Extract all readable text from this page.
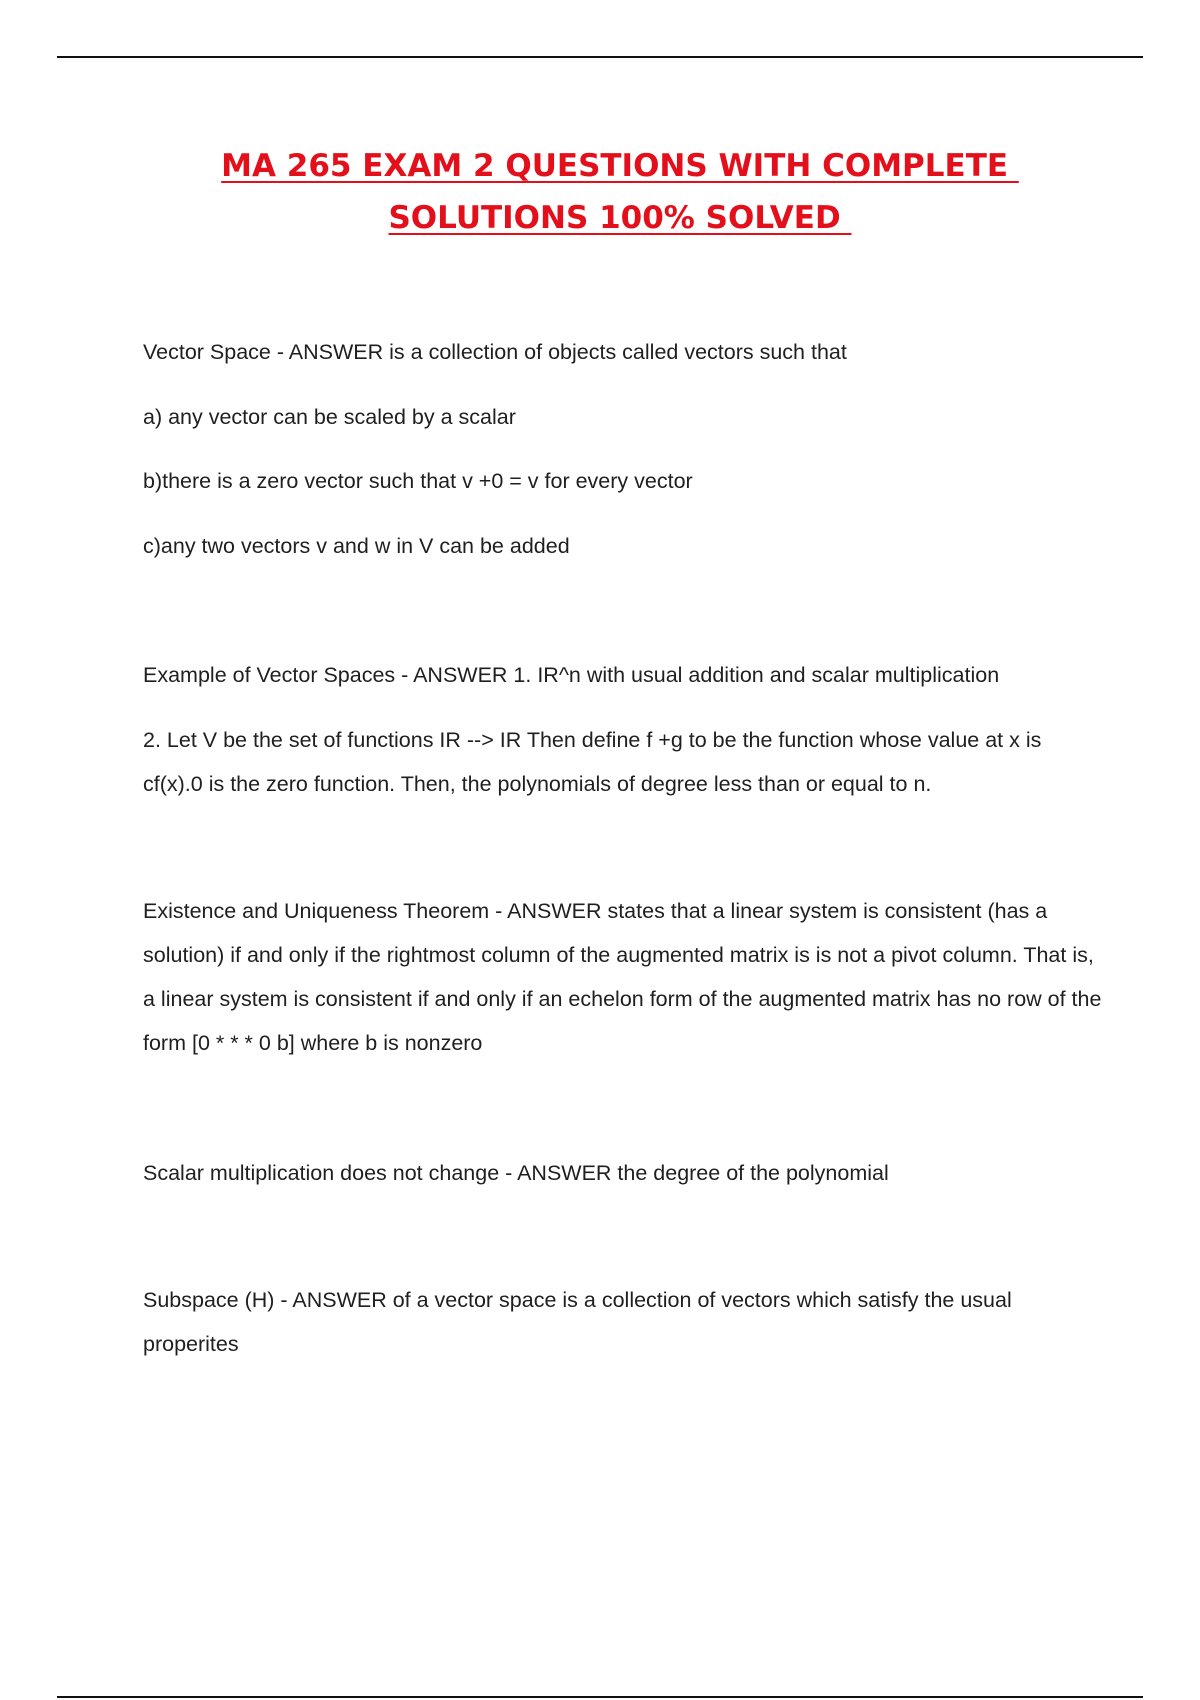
MA 265 EXAM 2 QUESTIONS WITH COMPLETE
SOLUTIONS 100% SOLVED

Vector Space - ANSWER is a collection of objects called vectors such that

a) any vector can be scaled by a scalar

b)there is a zero vector such that v +0 = v for every vector

c)any two vectors v and w in V can be added

Example of Vector Spaces - ANSWER 1. IR^n with usual addition and scalar multiplication

2. Let V be the set of functions IR --> IR Then define f +g to be the function whose value at x is cf(x).0 is the zero function. Then, the polynomials of degree less than or equal to n.

Existence and Uniqueness Theorem - ANSWER states that a linear system is consistent (has a solution) if and only if the rightmost column of the augmented matrix is is not a pivot column. That is, a linear system is consistent if and only if an echelon form of the augmented matrix has no row of the form [0 * * * 0 b] where b is nonzero

Scalar multiplication does not change - ANSWER the degree of the polynomial

Subspace (H) - ANSWER of a vector space is a collection of vectors which satisfy the usual properites
